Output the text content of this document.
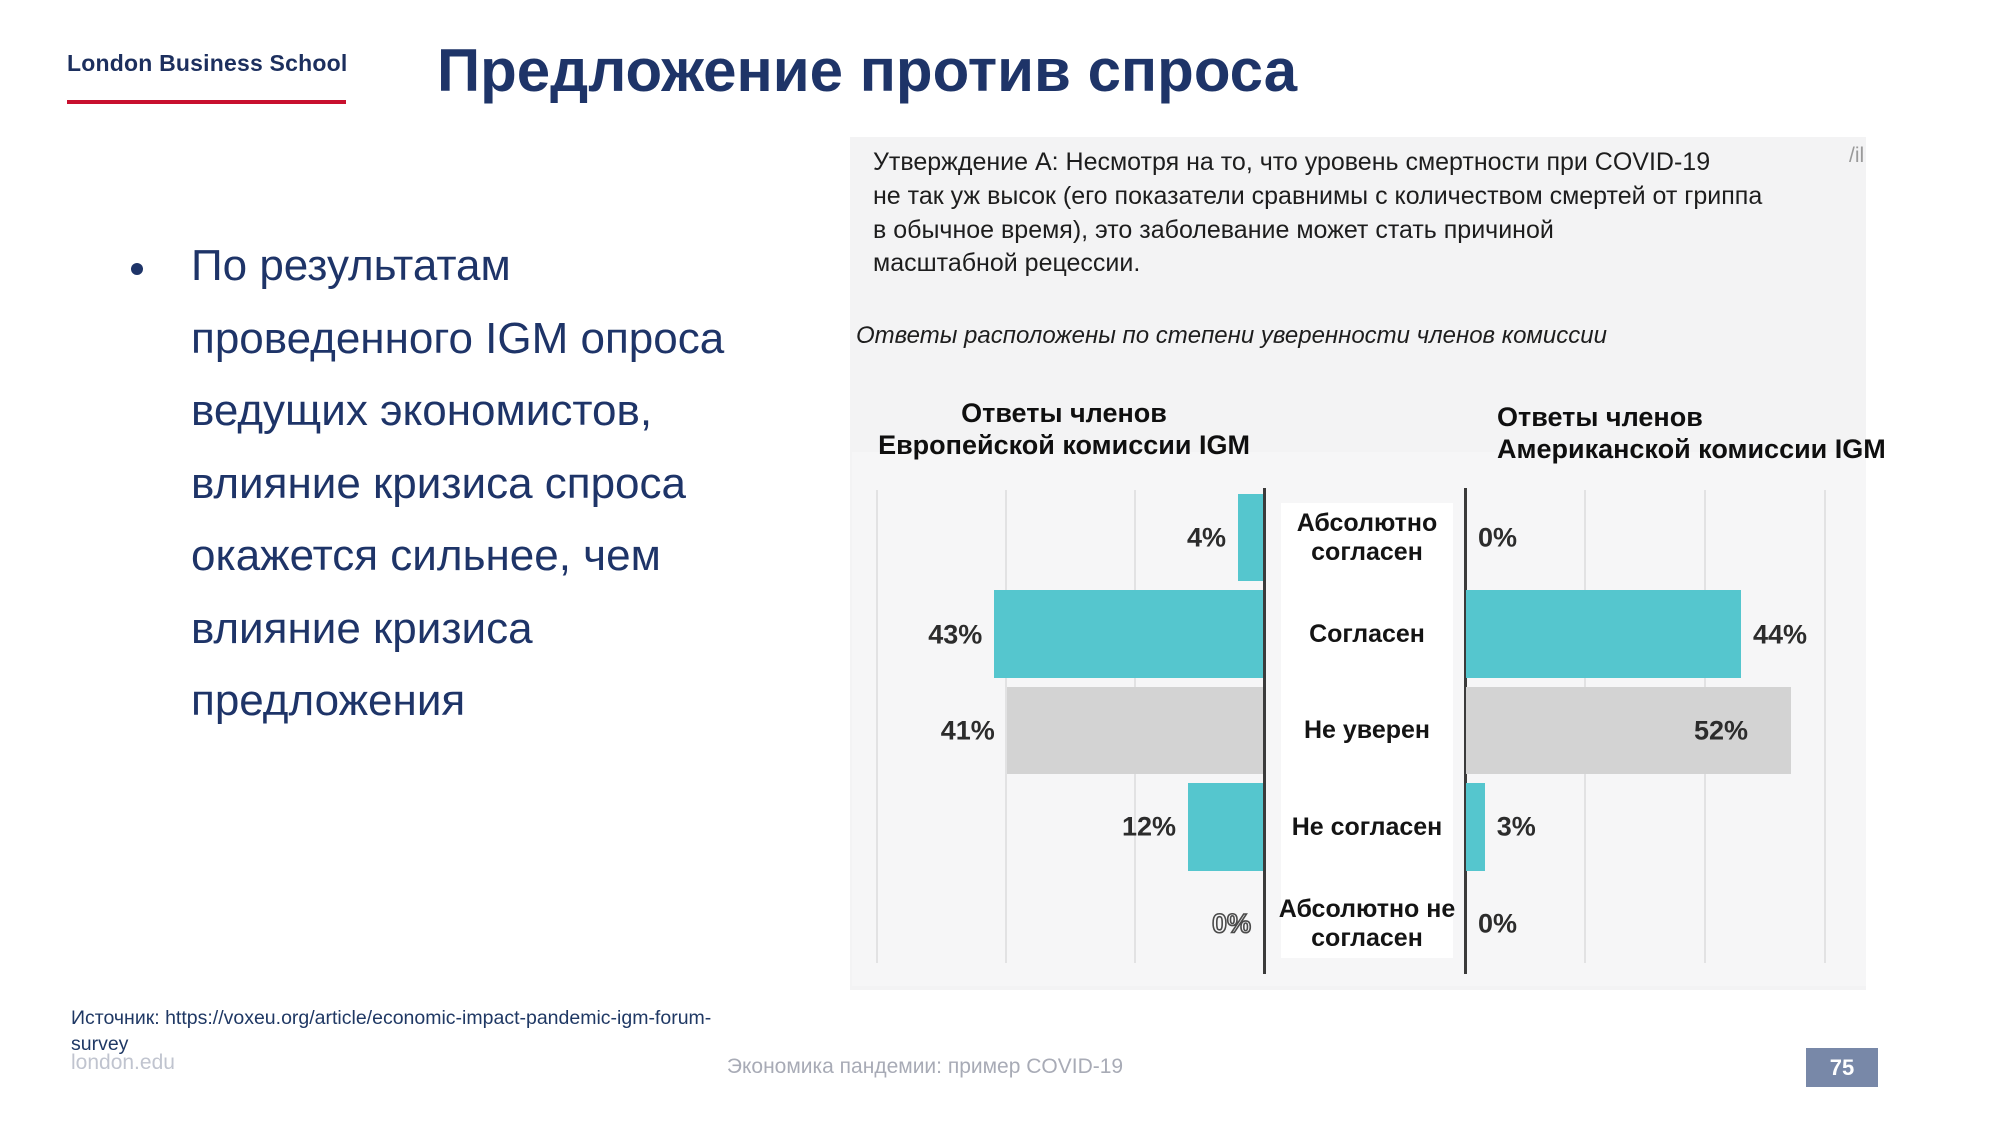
London Business School Предложение против спроса
По результатам
проведенного IGM опроса
ведущих экономистов,
влияние кризиса спроса
окажется сильнее, чем
влияние кризиса
предложения
Утверждение А: Несмотря на то, что уровень смертности при COVID-19
не так уж высок (его показатели сравнимы с количеством смертей от гриппа
в обычное время), это заболевание может стать причиной
масштабной рецессии.
/il
Ответы расположены по степени уверенности членов комиссии
Ответы членов
Европейской комиссии IGM
Ответы членов
Американской комиссии IGM
Абсолютно согласен
4%	0%
Согласен
43%	44%
Не уверен
41%	52%
Не согласен
12%	3%
Абсолютно не согласен
0%	0%
Источник: https://voxeu.org/article/economic-impact-pandemic-igm-forum-
survey
london.edu	Экономика пандемии: пример COVID-19	75
